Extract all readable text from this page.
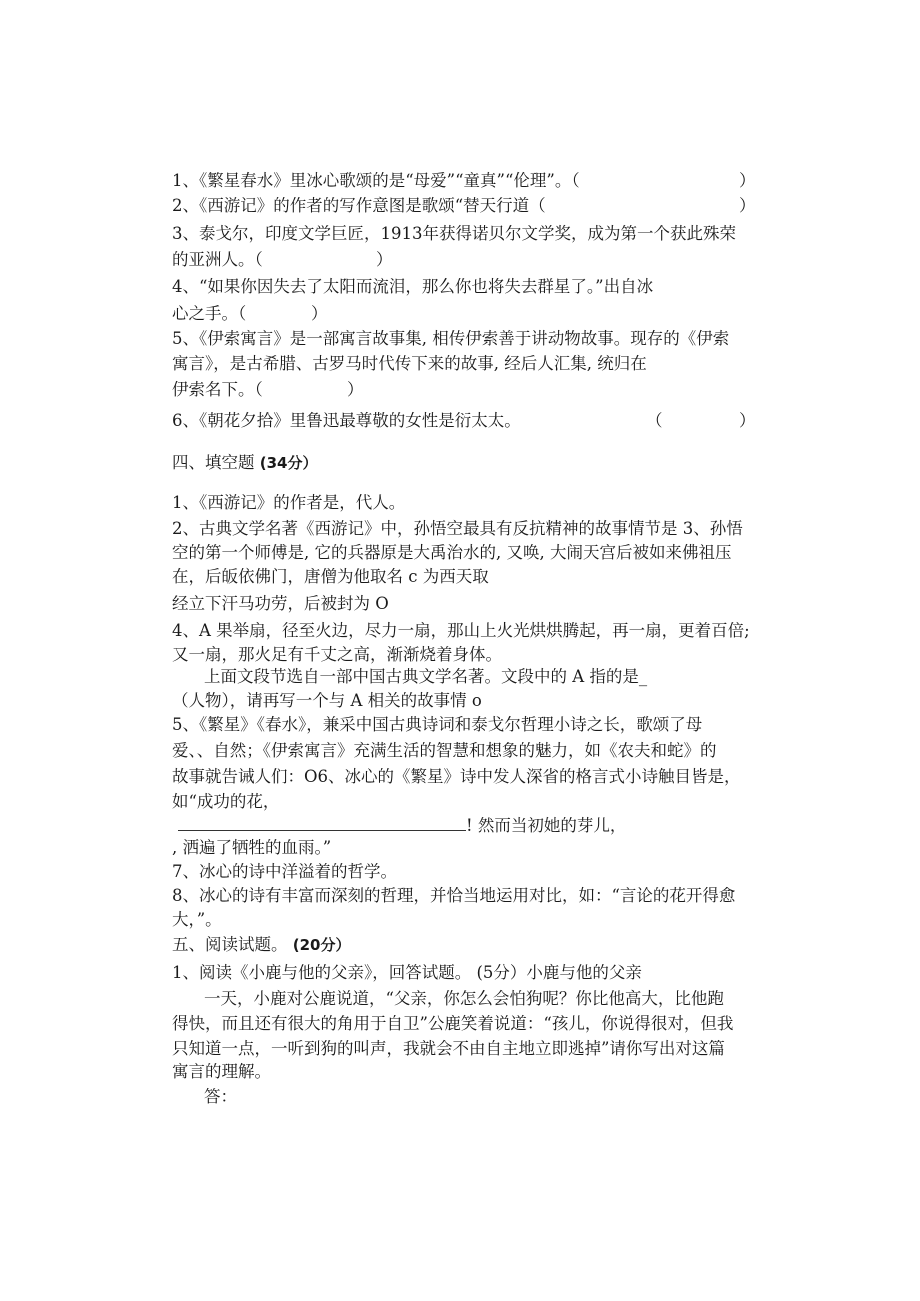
1、《繁星春水》里冰心歌颂的是“母爱”“童真”“伦理”。（	）
2、《西游记》的作者的写作意图是歌颂“替天行道（	）
3、泰戈尔，印度文学巨匠，1913年获得诺贝尔文学奖，成为第一个获此殊荣
的亚洲人。（	）
4、“如果你因失去了太阳而流泪，那么你也将失去群星了。”出自冰
心之手。（	）
5、《伊索寓言》是一部寓言故事集, 相传伊索善于讲动物故事。现存的《伊索
寓言》，是古希腊、古罗马时代传下来的故事, 经后人汇集, 统归在
伊索名下。（	）
6、《朝花夕拾》里鲁迅最尊敬的女性是衍太太。	（	）
四、填空题 (34分）
1、《西游记》的作者是，代人。
2、古典文学名著《西游记》中，孙悟空最具有反抗精神的故事情节是 3、孙悟
空的第一个师傅是, 它的兵器原是大禹治水的, 又唤, 大闹天宫后被如来佛祖压
在，后皈依佛门，唐僧为他取名 c 为西天取
经立下汗马功劳，后被封为 O
4、A 果举扇，径至火边，尽力一扇，那山上火光烘烘腾起，再一扇，更着百倍;
又一扇，那火足有千丈之高，渐渐烧着身体。
上面文段节选自一部中国古典文学名著。文段中的 A 指的是_
（人物），请再写一个与 A 相关的故事情 o
5、《繁星》《春水》，兼采中国古典诗词和泰戈尔哲理小诗之长，歌颂了母
爱、、自然；《伊索寓言》充满生活的智慧和想象的魅力，如《农夫和蛇》的
故事就告诫人们：O6、冰心的《繁星》诗中发人深省的格言式小诗触目皆是，
如“成功的花，
! 然而当初她的芽儿，
, 洒遍了牺牲的血雨。”
7、冰心的诗中洋溢着的哲学。
8、冰心的诗有丰富而深刻的哲理，并恰当地运用对比，如：“言论的花开得愈
大，”。
五、阅读试题。 (20分）
1、阅读《小鹿与他的父亲》，回答试题。 (5分）小鹿与他的父亲
一天，小鹿对公鹿说道，“父亲，你怎么会怕狗呢？你比他高大，比他跑
得快，而且还有很大的角用于自卫”公鹿笑着说道：“孩儿，你说得很对，但我
只知道一点，一听到狗的叫声，我就会不由自主地立即逃掉”请你写出对这篇
寓言的理解。
答：
